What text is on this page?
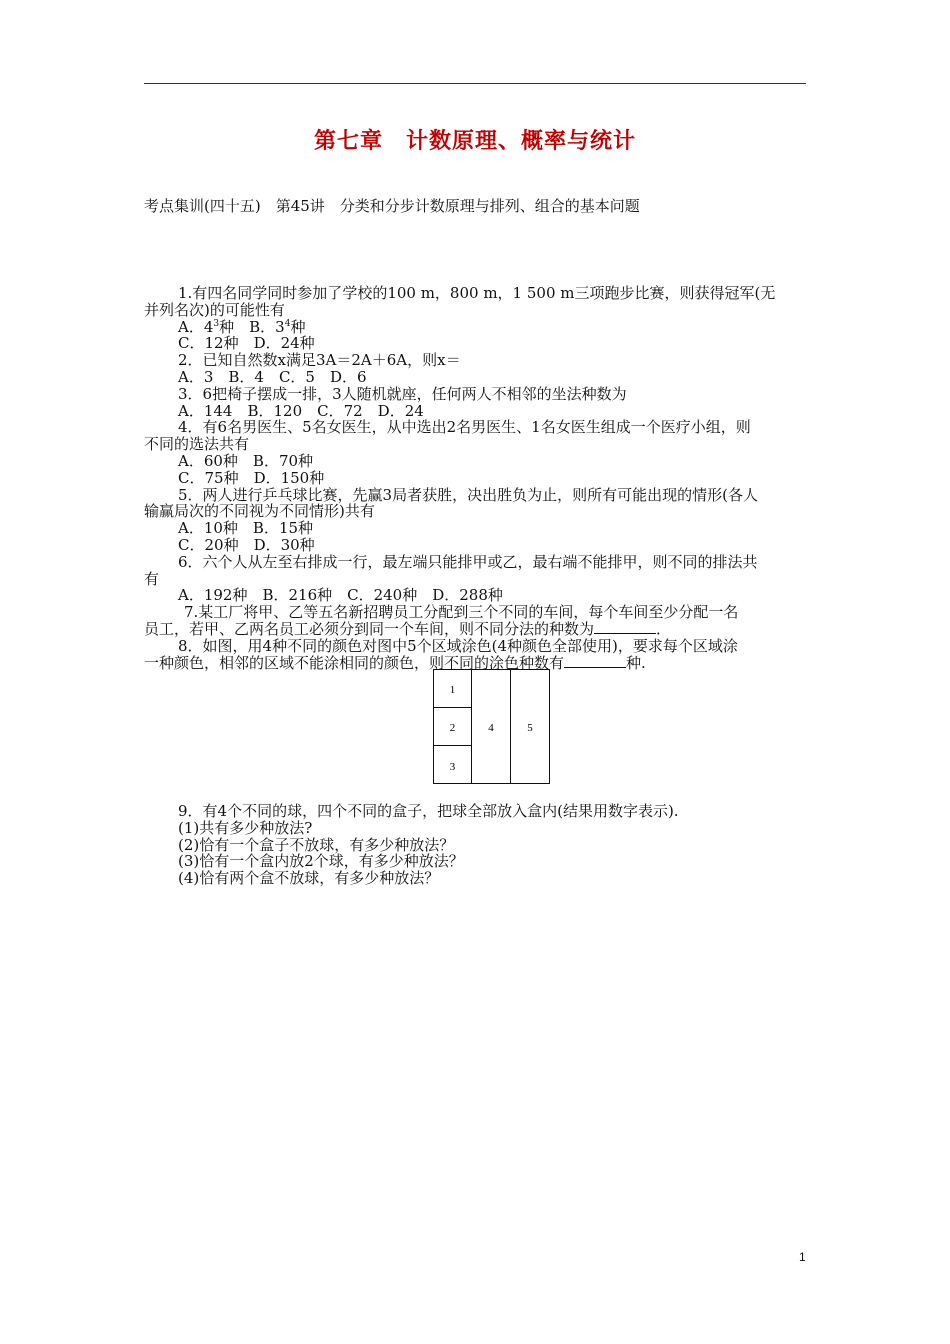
第七章　计数原理、概率与统计
考点集训(四十五)　第45讲　分类和分步计数原理与排列、组合的基本问题
1.有四名同学同时参加了学校的100 m，800 m，1 500 m三项跑步比赛，则获得冠军(无
并列名次)的可能性有
A．$4^3$种　B．$3^4$种
C．12种　D．24种
2．已知自然数x满足3A＝2A＋6A，则x＝
A．3　B．4　C．5　D．6
3．6把椅子摆成一排，3人随机就座，任何两人不相邻的坐法种数为
A．144　B．120　C．72　D．24
4．有6名男医生、5名女医生，从中选出2名男医生、1名女医生组成一个医疗小组，则
不同的选法共有
A．60种　B．70种
C．75种　D．150种
5．两人进行乒乓球比赛，先赢3局者获胜，决出胜负为止，则所有可能出现的情形(各人
输赢局次的不同视为不同情形)共有
A．10种　B．15种
C．20种　D．30种
6．六个人从左至右排成一行，最左端只能排甲或乙，最右端不能排甲，则不同的排法共
有
A．192种　B．216种　C．240种　D．288种
7.某工厂将甲、乙等五名新招聘员工分配到三个不同的车间，每个车间至少分配一名
员工，若甲、乙两名员工必须分到同一个车间，则不同分法的种数为	．
8．如图，用4种不同的颜色对图中5个区域涂色(4种颜色全部使用)，要求每个区域涂
一种颜色，相邻的区域不能涂相同的颜色，则不同的涂色种数有	种.
1
2
3
4	5
9．有4个不同的球，四个不同的盒子，把球全部放入盒内(结果用数字表示).
(1)共有多少种放法?
(2)恰有一个盒子不放球，有多少种放法？
(3)恰有一个盒内放2个球，有多少种放法？
(4)恰有两个盒不放球，有多少种放法？
1
